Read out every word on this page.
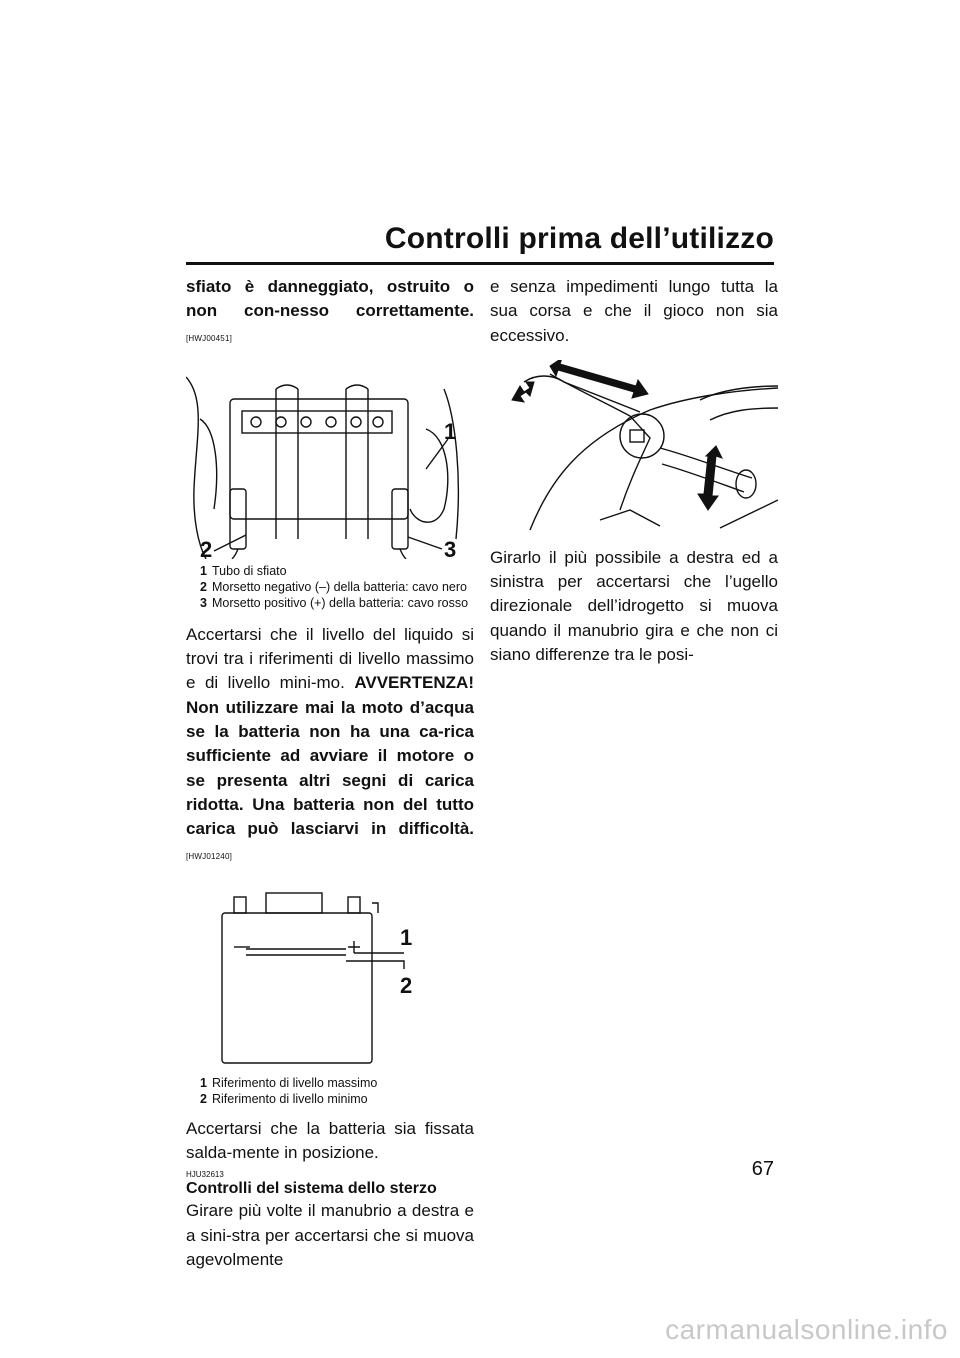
Controlli prima dell’utilizzo

sfiato è danneggiato, ostruito o non con-nesso correttamente. [HWJ00451]

1
2	3
1 Tubo di sfiato
2 Morsetto negativo (–) della batteria: cavo nero
3 Morsetto positivo (+) della batteria: cavo rosso

Accertarsi che il livello del liquido si trovi tra i riferimenti di livello massimo e di livello mini-mo. AVVERTENZA! Non utilizzare mai la moto d’acqua se la batteria non ha una ca-rica sufficiente ad avviare il motore o se presenta altri segni di carica ridotta. Una batteria non del tutto carica può lasciarvi in difficoltà. [HWJ01240]

1
2
1 Riferimento di livello massimo
2 Riferimento di livello minimo

Accertarsi che la batteria sia fissata salda-mente in posizione.

HJU32613
Controlli del sistema dello sterzo

Girare più volte il manubrio a destra e a sini-stra per accertarsi che si muova agevolmente

e senza impedimenti lungo tutta la sua corsa e che il gioco non sia eccessivo.

Girarlo il più possibile a destra ed a sinistra per accertarsi che l’ugello direzionale dell’idrogetto si muova quando il manubrio gira e che non ci siano differenze tra le posi-

67
carmanualsonline.info
